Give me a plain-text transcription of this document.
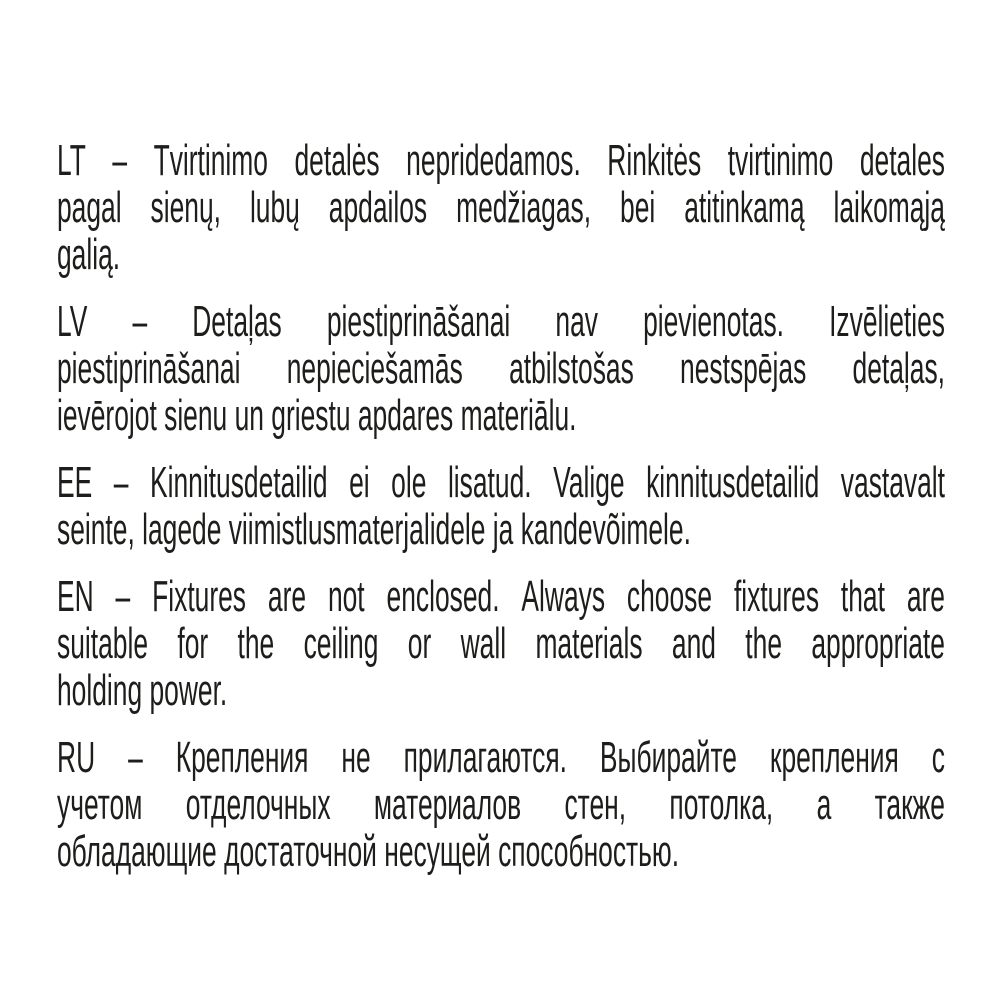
LT – Tvirtinimo detalės nepridedamos. Rinkitės tvirtinimo detales
pagal sienų, lubų apdailos medžiagas, bei atitinkamą laikomąją
galią.
LV – Detaļas piestiprināšanai nav pievienotas. Izvēlieties
piestiprināšanai nepieciešamās atbilstošas nestspējas detaļas,
ievērojot sienu un griestu apdares materiālu.
EE – Kinnitusdetailid ei ole lisatud. Valige kinnitusdetailid vastavalt
seinte, lagede viimistlusmaterjalidele ja kandevõimele.
EN – Fixtures are not enclosed. Always choose fixtures that are
suitable for the ceiling or wall materials and the appropriate
holding power.
RU – Крепления не прилагаются. Выбирайте крепления с
учетом отделочных материалов стен, потолка, а также
обладающие достаточной несущей способностью.
